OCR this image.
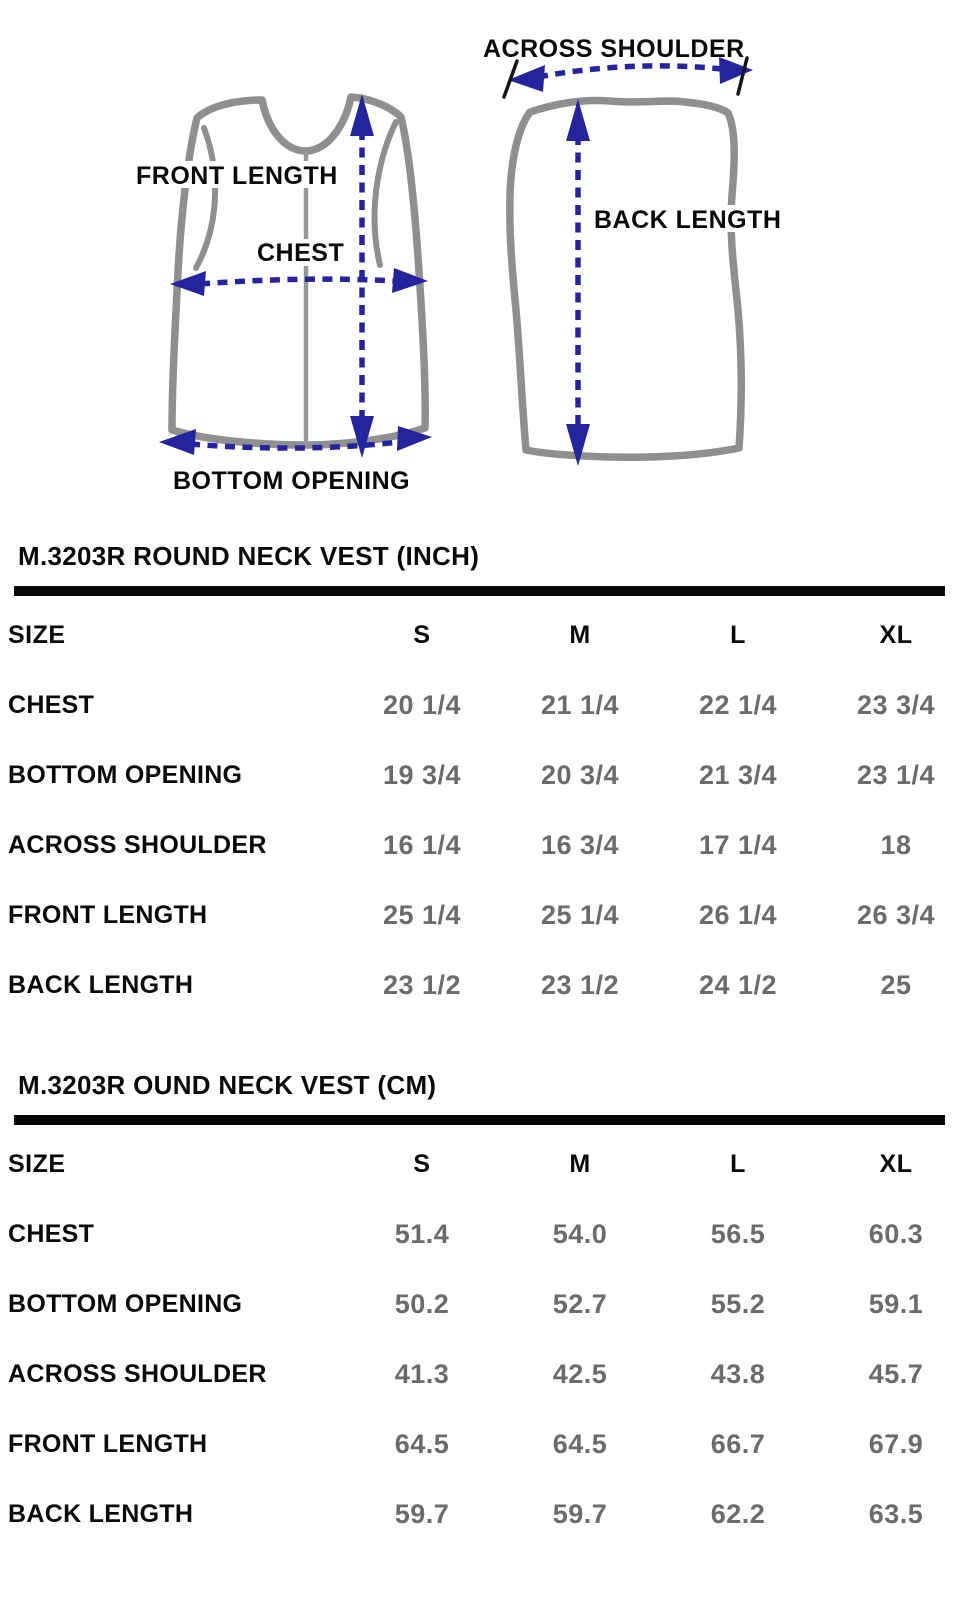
FRONT LENGTH
CHEST
BOTTOM OPENING
ACROSS SHOULDER
BACK LENGTH
M.3203R ROUND NECK VEST (INCH)
SIZE	S	M	L	XL
CHEST	20 1/4	21 1/4	22 1/4	23 3/4
BOTTOM OPENING	19 3/4	20 3/4	21 3/4	23 1/4
ACROSS SHOULDER	16 1/4	16 3/4	17 1/4	18
FRONT LENGTH	25 1/4	25 1/4	26 1/4	26 3/4
BACK LENGTH	23 1/2	23 1/2	24 1/2	25
M.3203R OUND NECK VEST (CM)
SIZE	S	M	L	XL
CHEST	51.4	54.0	56.5	60.3
BOTTOM OPENING	50.2	52.7	55.2	59.1
ACROSS SHOULDER	41.3	42.5	43.8	45.7
FRONT LENGTH	64.5	64.5	66.7	67.9
BACK LENGTH	59.7	59.7	62.2	63.5
